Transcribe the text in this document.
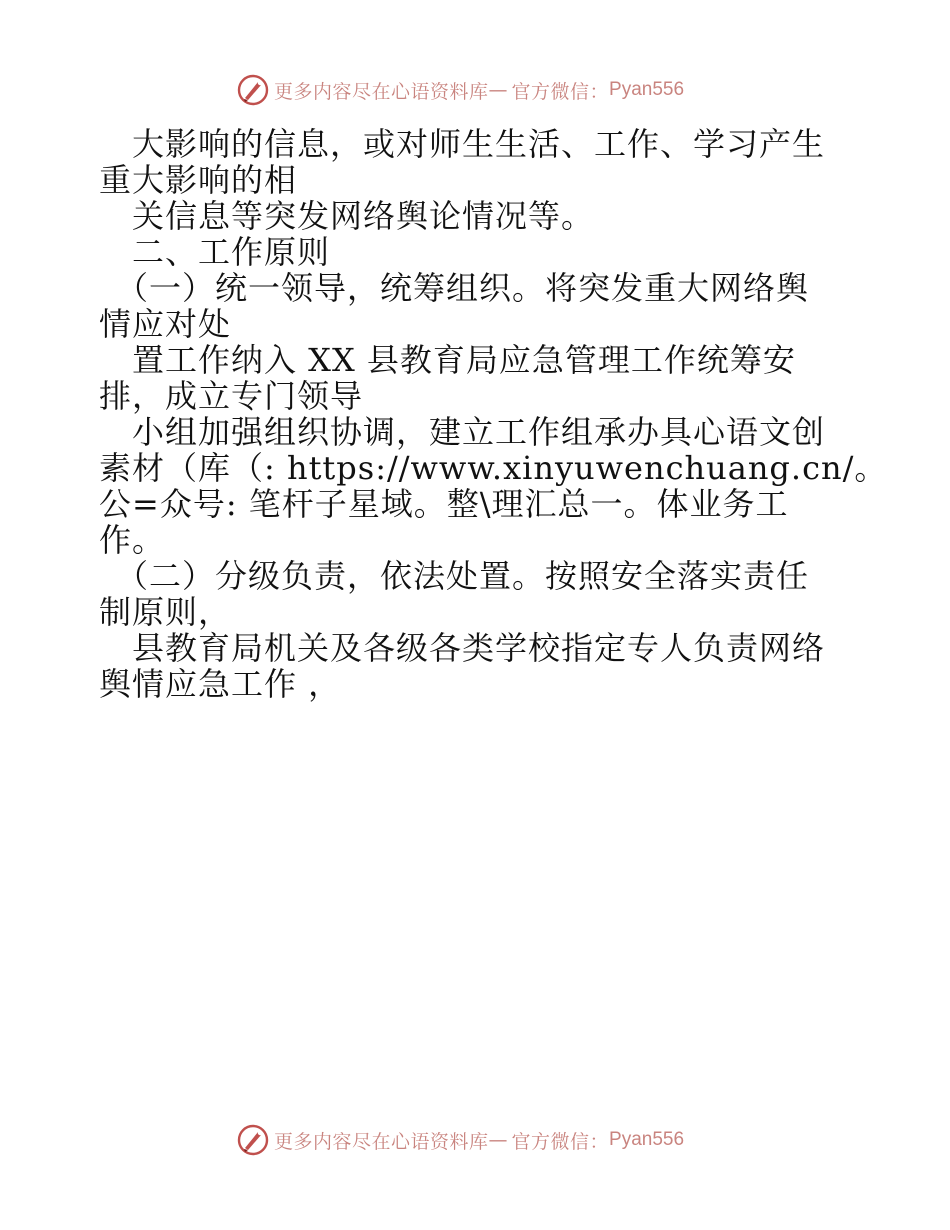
更多内容尽在心语资料库 — 官方微信： Pyan556

　大影响的信息，或对师生生活、工作、学习产生

重大影响的相

　关信息等突发网络舆论情况等。

　二、工作原则

　（一）统一领导，统筹组织。将突发重大网络舆

情应对处

　置工作纳入 XX 县教育局应急管理工作统筹安

排，成立专门领导

　小组加强组织协调，建立工作组承办具心语文创

素材（库（: https://www.xinyuwenchuang.cn/。

公=众号: 笔杆子星域。整\理汇总一。体业务工

作。

　（二）分级负责，依法处置。按照安全落实责任

制原则，

　县教育局机关及各级各类学校指定专人负责网络

舆情应急工作 ，

更多内容尽在心语资料库 — 官方微信： Pyan556
